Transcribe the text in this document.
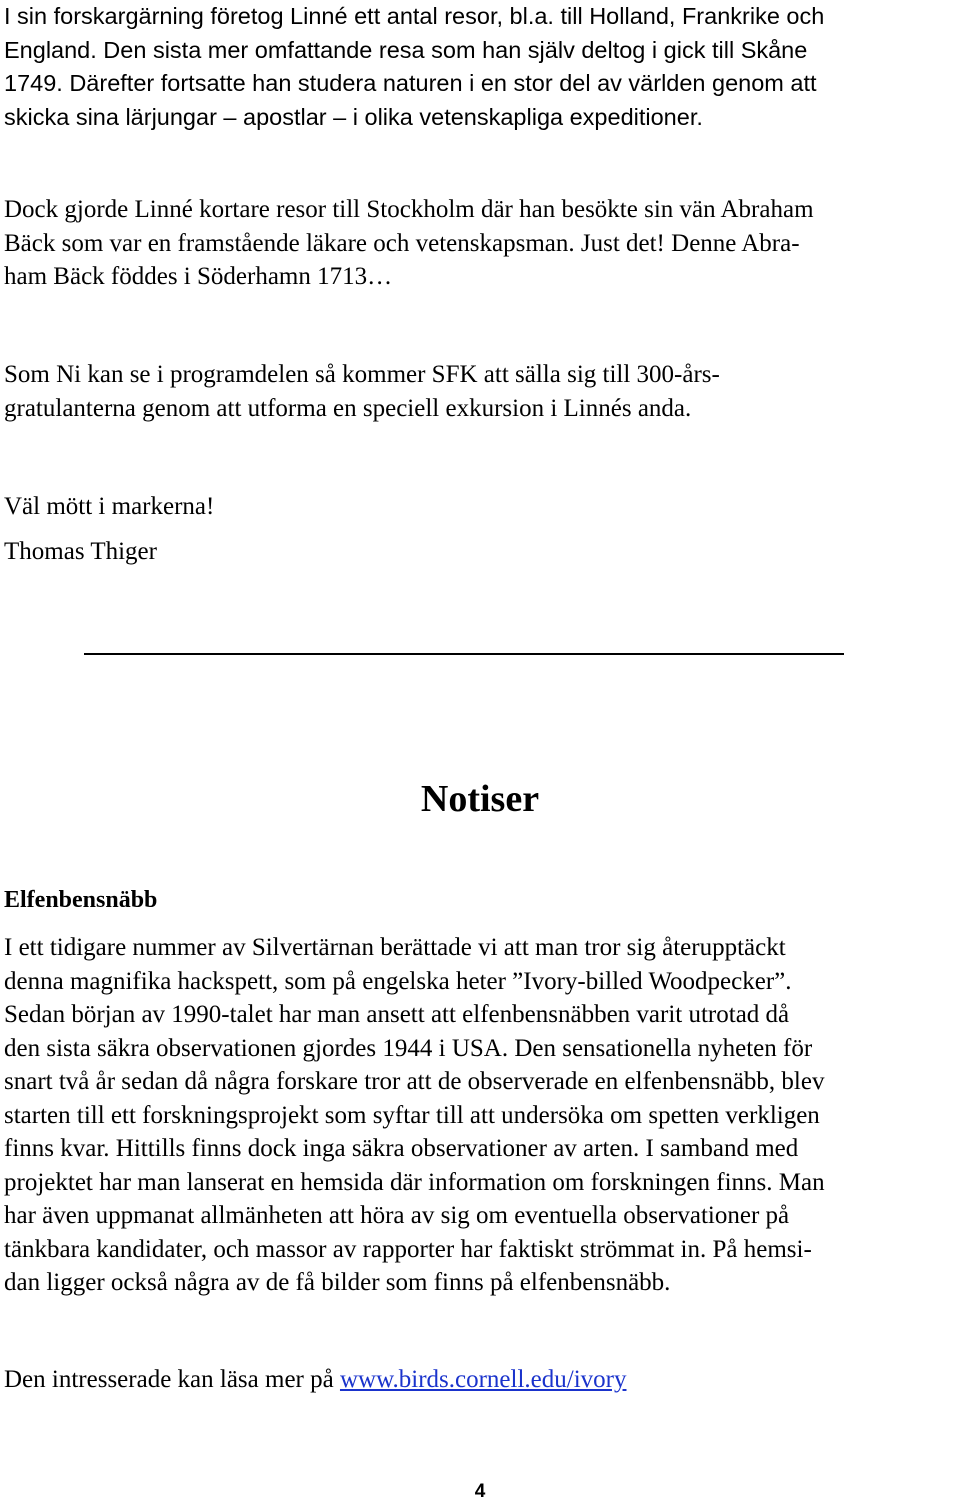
I sin forskargärning företog Linné ett antal resor, bl.a. till Holland, Frankrike och
England. Den sista mer omfattande resa som han själv deltog i gick till Skåne
1749. Därefter fortsatte han studera naturen i en stor del av världen genom att
skicka sina lärjungar – apostlar – i olika vetenskapliga expeditioner.
Dock gjorde Linné kortare resor till Stockholm där han besökte sin vän Abraham
Bäck som var en framstående läkare och vetenskapsman. Just det! Denne Abra-
ham Bäck föddes i Söderhamn 1713…
Som Ni kan se i programdelen så kommer SFK att sälla sig till 300-års-
gratulanterna genom att utforma en speciell exkursion i Linnés anda.
Väl mött i markerna!
Thomas Thiger
Notiser
Elfenbensnäbb
I ett tidigare nummer av Silvertärnan berättade vi att man tror sig återupptäckt
denna magnifika hackspett, som på engelska heter ”Ivory-billed Woodpecker”.
Sedan början av 1990-talet har man ansett att elfenbensnäbben varit utrotad då
den sista säkra observationen gjordes 1944 i USA. Den sensationella nyheten för
snart två år sedan då några forskare tror att de observerade en elfenbensnäbb, blev
starten till ett forskningsprojekt som syftar till att undersöka om spetten verkligen
finns kvar. Hittills finns dock inga säkra observationer av arten. I samband med
projektet har man lanserat en hemsida där information om forskningen finns. Man
har även uppmanat allmänheten att höra av sig om eventuella observationer på
tänkbara kandidater, och massor av rapporter har faktiskt strömmat in. På hemsi-
dan ligger också några av de få bilder som finns på elfenbensnäbb.
Den intresserade kan läsa mer på www.birds.cornell.edu/ivory
4
